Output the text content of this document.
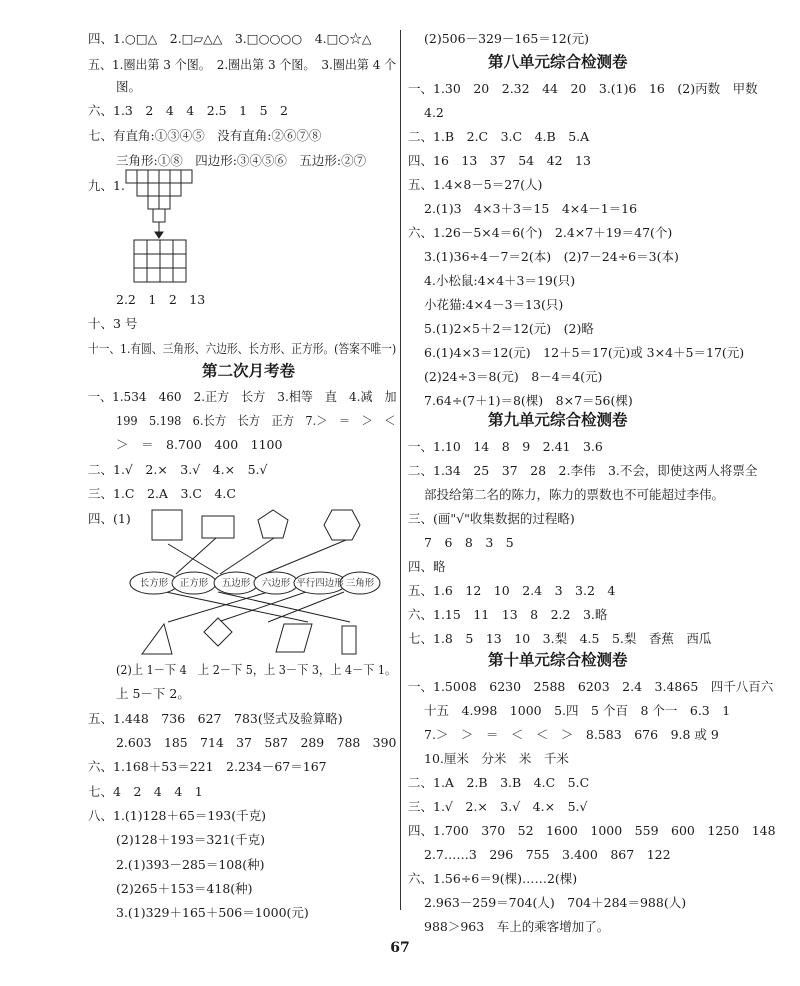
四、1.○□△　2.□▱△△　3.□○○○○　4.□○☆△
五、1.圈出第 3 个图。　2.圈出第 3 个图。　3.圈出第 4 个
图。
六、1.3　2　4　4　2.5　1　5　2
七、有直角:①③④⑤　没有直角:②⑥⑦⑧
三角形:①⑧　四边形:③④⑤⑥　五边形:②⑦
九、1.
2.2　1　2　13
十、3 号
十一、1.有圆、三角形、六边形、长方形、正方形。(答案不唯一)
第二次月考卷
一、1.534　460　2.正方　长方　3.相等　直　4.减　加
199　5.198　6.长方　长方　正方　7.＞　＝　＞　＜
＞　＝　8.700　400　1100
二、1.√　2.×　3.√　4.×　5.√
三、1.C　2.A　3.C　4.C
四、(1)
长方形 正方形 五边形 六边形 平行四边形 三角形
(2)上 1－下 4　上 2－下 5，上 3－下 3，上 4－下 1。
上 5－下 2。
五、1.448　736　627　783(竖式及验算略)
2.603　185　714　37　587　289　788　390
六、1.168＋53＝221　2.234－67＝167
七、4　2　4　4　1
八、1.(1)128＋65＝193(千克)
(2)128＋193＝321(千克)
2.(1)393－285＝108(种)
(2)265＋153＝418(种)
3.(1)329＋165＋506＝1000(元)
(2)506－329－165＝12(元)
第八单元综合检测卷
一、1.30　20　2.32　44　20　3.(1)6　16　(2)丙数　甲数
4.2
二、1.B　2.C　3.C　4.B　5.A
四、16　13　37　54　42　13
五、1.4×8－5＝27(人)
2.(1)3　4×3＋3＝15　4×4－1＝16
六、1.26－5×4＝6(个)　2.4×7＋19＝47(个)
3.(1)36÷4－7＝2(本)　(2)7－24÷6＝3(本)
4.小松鼠:4×4＋3＝19(只)
小花猫:4×4－3＝13(只)
5.(1)2×5＋2＝12(元)　(2)略
6.(1)4×3＝12(元)　12＋5＝17(元)或 3×4＋5＝17(元)
(2)24÷3＝8(元)　8－4＝4(元)
7.64÷(7＋1)＝8(棵)　8×7＝56(棵)
第九单元综合检测卷
一、1.10　14　8　9　2.41　3.6
二、1.34　25　37　28　2.李伟　3.不会，即使这两人将票全
部投给第二名的陈力，陈力的票数也不可能超过李伟。
三、(画"√"收集数据的过程略)
7　6　8　3　5
四、略
五、1.6　12　10　2.4　3　3.2　4
六、1.15　11　13　8　2.2　3.略
七、1.8　5　13　10　3.梨　4.5　5.梨　香蕉　西瓜
第十单元综合检测卷
一、1.5008　6230　2588　6203　2.4　3.4865　四千八百六
十五　4.998　1000　5.四　5 个百　8 个一　6.3　1
7.＞　＞　＝　＜　＜　＞　8.583　676　9.8 或 9
10.厘米　分米　米　千米
二、1.A　2.B　3.B　4.C　5.C
三、1.√　2.×　3.√　4.×　5.√
四、1.700　370　52　1600　1000　559　600　1250　148
2.7……3　296　755　3.400　867　122
六、1.56÷6＝9(棵)……2(棵)
2.963－259＝704(人)　704＋284＝988(人)
988＞963　车上的乘客增加了。
67
